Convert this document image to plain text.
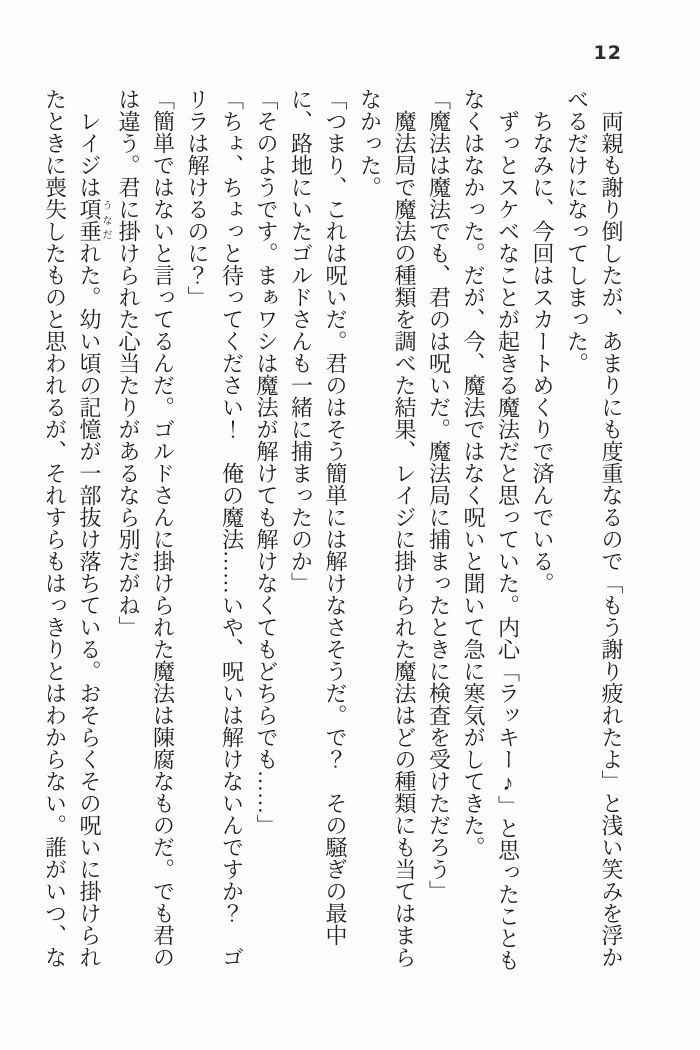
12

　両親も謝り倒したが、あまりにも度重なるので「もう謝り疲れたよ」と浅い笑みを浮かべるだけになってしまった。

　ちなみに、今回はスカートめくりで済んでいる。

　ずっとスケベなことが起きる魔法だと思っていた。内心「ラッキー♪」と思ったこともなくはなかった。だが、今、魔法ではなく呪いと聞いて急に寒気がしてきた。

「魔法は魔法でも、君のは呪いだ。魔法局に捕まったときに検査を受けただろう」

　魔法局で魔法の種類を調べた結果、レイジに掛けられた魔法はどの種類にも当てはまらなかった。

「つまり、これは呪いだ。君のはそう簡単には解けなさそうだ。で？　その騒ぎの最中に、路地にいたゴルドさんも一緒に捕まったのか」

「そのようです。まぁワシは魔法が解けても解けなくてもどちらでも……」

「ちょ、ちょっと待ってください！　俺の魔法……いや、呪いは解けないんですか？　ゴリラは解けるのに？」

「簡単ではないと言ってるんだ。ゴルドさんに掛けられた魔法は陳腐なものだ。でも君のは違う。君に掛けられた心当たりがあるなら別だがね」

　レイジは項垂うなだれた。幼い頃の記憶が一部抜け落ちている。おそらくその呪いに掛けられたときに喪失したものと思われるが、それすらもはっきりとはわからない。誰がいつ、な
